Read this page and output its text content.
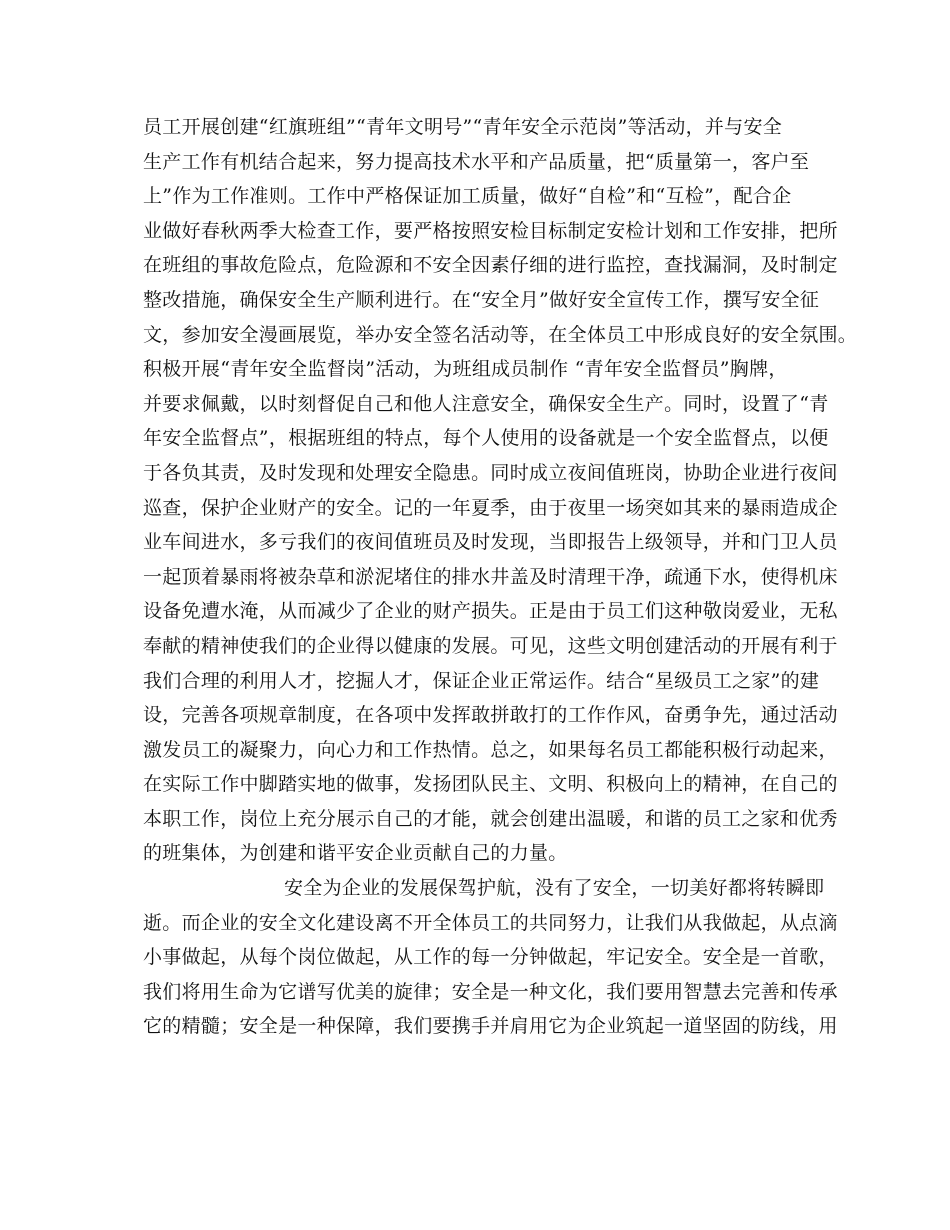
员工开展创建“红旗班组”“青年文明号”“青年安全示范岗”等活动，并与安全
生产工作有机结合起来，努力提高技术水平和产品质量，把“质量第一，客户至
上”作为工作准则。工作中严格保证加工质量，做好“自检”和“互检”，配合企
业做好春秋两季大检查工作，要严格按照安检目标制定安检计划和工作安排，把所
在班组的事故危险点，危险源和不安全因素仔细的进行监控，查找漏洞，及时制定
整改措施，确保安全生产顺利进行。在“安全月”做好安全宣传工作，撰写安全征
文，参加安全漫画展览，举办安全签名活动等，在全体员工中形成良好的安全氛围。
积极开展“青年安全监督岗”活动，为班组成员制作 “青年安全监督员”胸牌，
并要求佩戴，以时刻督促自己和他人注意安全，确保安全生产。同时，设置了“青
年安全监督点”，根据班组的特点，每个人使用的设备就是一个安全监督点，以便
于各负其责，及时发现和处理安全隐患。同时成立夜间值班岗，协助企业进行夜间
巡查，保护企业财产的安全。记的一年夏季，由于夜里一场突如其来的暴雨造成企
业车间进水，多亏我们的夜间值班员及时发现，当即报告上级领导，并和门卫人员
一起顶着暴雨将被杂草和淤泥堵住的排水井盖及时清理干净，疏通下水，使得机床
设备免遭水淹，从而减少了企业的财产损失。正是由于员工们这种敬岗爱业，无私
奉献的精神使我们的企业得以健康的发展。可见，这些文明创建活动的开展有利于
我们合理的利用人才，挖掘人才，保证企业正常运作。结合“星级员工之家”的建
设，完善各项规章制度，在各项中发挥敢拼敢打的工作作风，奋勇争先，通过活动
激发员工的凝聚力，向心力和工作热情。总之，如果每名员工都能积极行动起来，
在实际工作中脚踏实地的做事，发扬团队民主、文明、积极向上的精神，在自己的
本职工作，岗位上充分展示自己的才能，就会创建出温暖，和谐的员工之家和优秀
的班集体，为创建和谐平安企业贡献自己的力量。
安全为企业的发展保驾护航，没有了安全，一切美好都将转瞬即
逝。而企业的安全文化建设离不开全体员工的共同努力，让我们从我做起，从点滴
小事做起，从每个岗位做起，从工作的每一分钟做起，牢记安全。安全是一首歌，
我们将用生命为它谱写优美的旋律；安全是一种文化，我们要用智慧去完善和传承
它的精髓；安全是一种保障，我们要携手并肩用它为企业筑起一道坚固的防线，用
